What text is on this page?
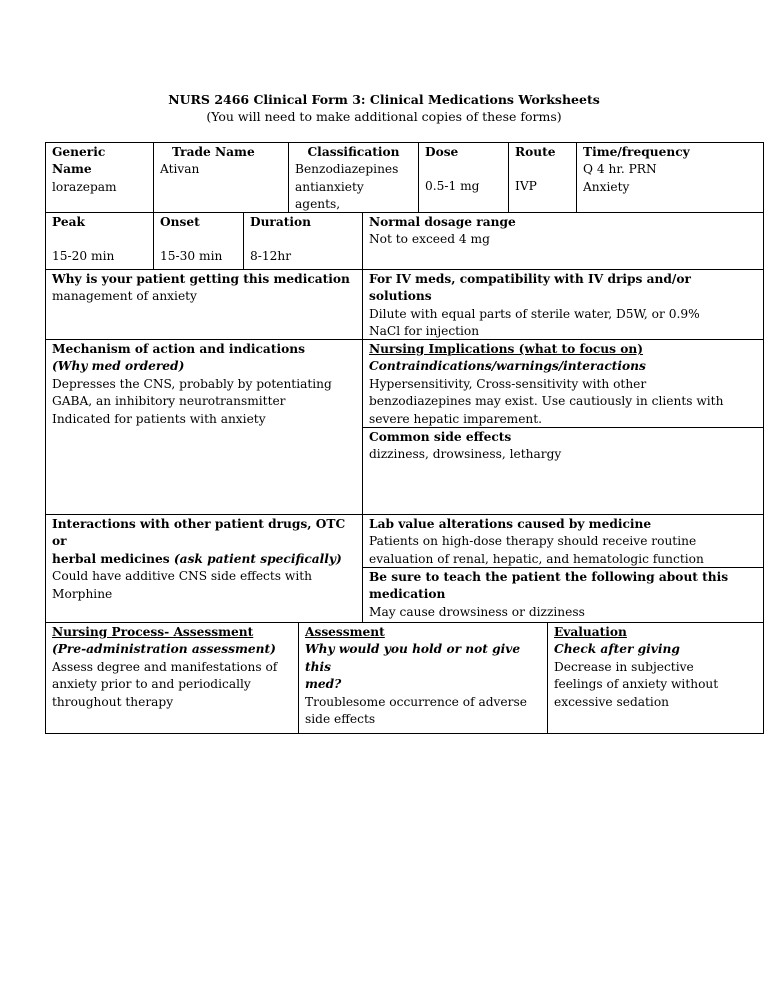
NURS 2466 Clinical Form 3: Clinical Medications Worksheets
(You will need to make additional copies of these forms)
Generic Name
lorazepam
Trade Name
Ativan
Classification
Benzodiazepines
antianxiety agents,
Dose
0.5-1 mg
Route
IVP
Time/frequency
Q 4 hr. PRN
Anxiety
Peak
15-20 min
Onset
15-30 min
Duration
8-12hr
Normal dosage range
Not to exceed 4 mg
Why is your patient getting this medication
management of anxiety
For IV meds, compatibility with IV drips and/or
solutions
Dilute with equal parts of sterile water, D5W, or 0.9%
NaCl for injection
Mechanism of action and indications
(Why med ordered)
Depresses the CNS, probably by potentiating
GABA, an inhibitory neurotransmitter
Indicated for patients with anxiety
Nursing Implications (what to focus on)
Contraindications/warnings/interactions
Hypersensitivity, Cross-sensitivity with other
benzodiazepines may exist. Use cautiously in clients with
severe hepatic imparement.
Common side effects
dizziness, drowsiness, lethargy
Interactions with other patient drugs, OTC or
herbal medicines (ask patient specifically)
Could have additive CNS side effects with
Morphine
Lab value alterations caused by medicine
Patients on high-dose therapy should receive routine
evaluation of renal, hepatic, and hematologic function
Be sure to teach the patient the following about this
medication
May cause drowsiness or dizziness
Nursing Process- Assessment
(Pre-administration assessment)
Assess degree and manifestations of
anxiety prior to and periodically
throughout therapy
Assessment
Why would you hold or not give this
med?
Troublesome occurrence of adverse
side effects
Evaluation
Check after giving
Decrease in subjective
feelings of anxiety without
excessive sedation
